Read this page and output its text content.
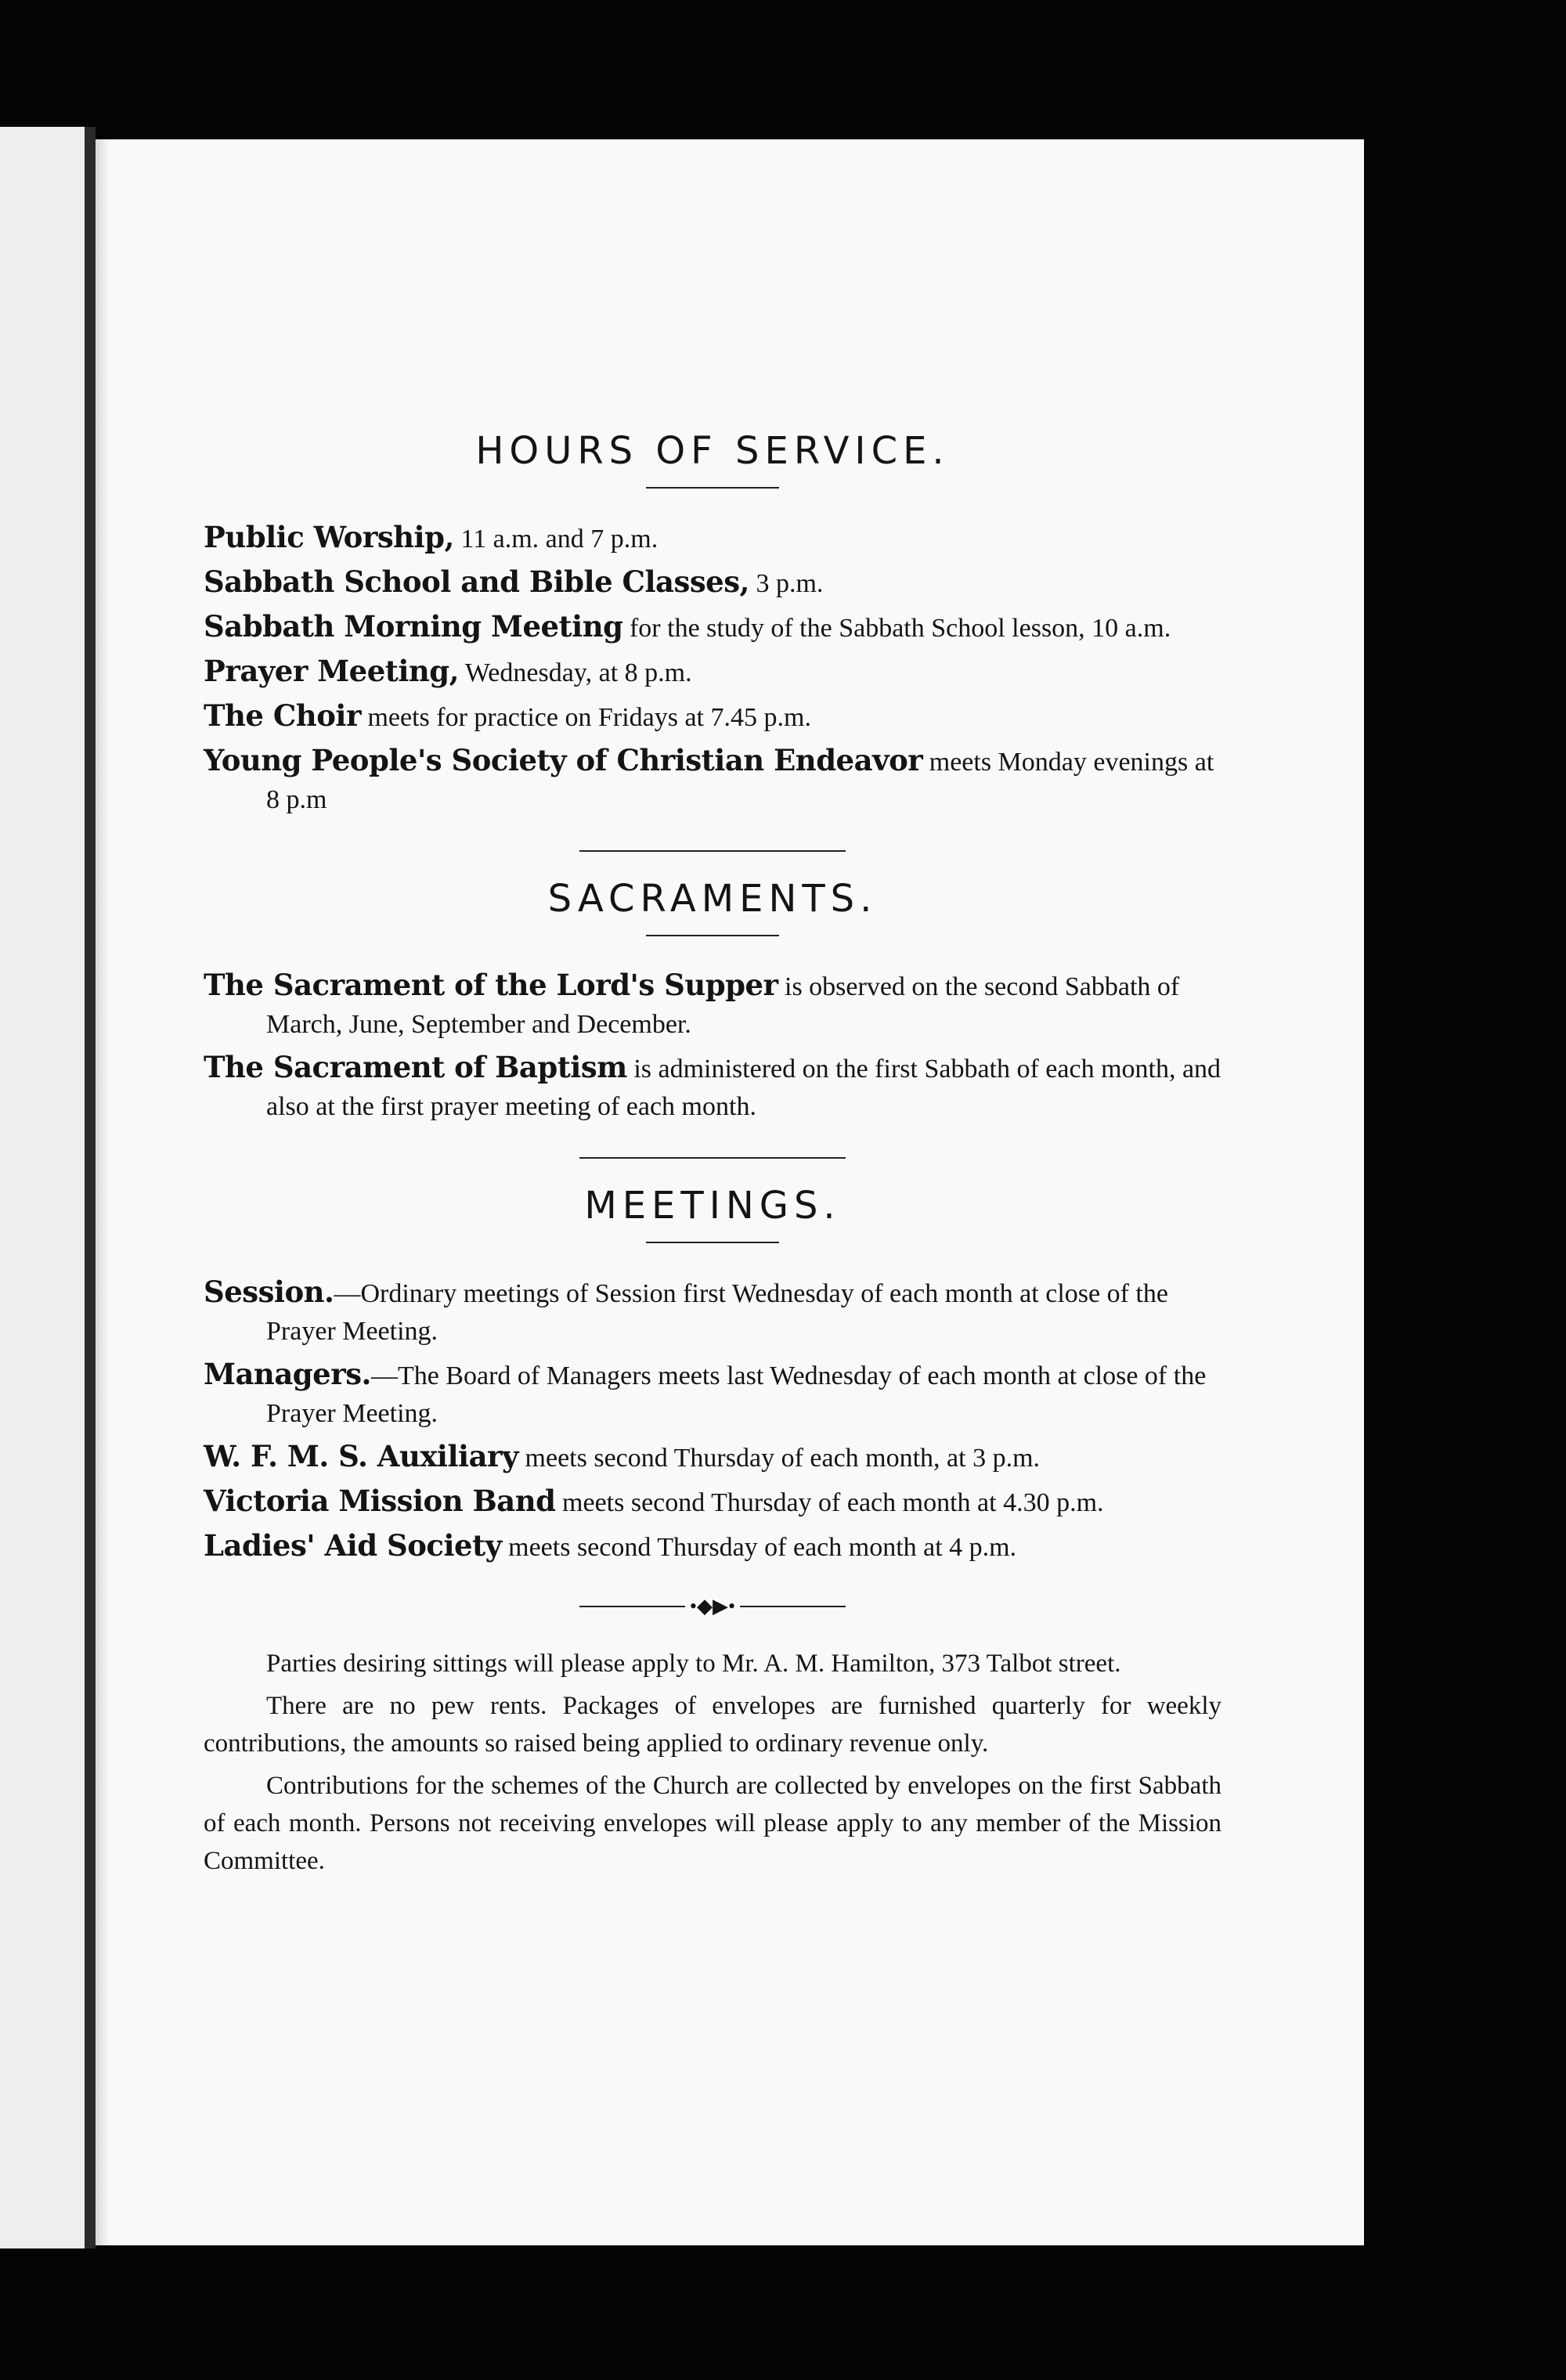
HOURS OF SERVICE.

Public Worship, 11 a.m. and 7 p.m.

Sabbath School and Bible Classes, 3 p.m.

Sabbath Morning Meeting for the study of the Sabbath School lesson, 10 a.m.

Prayer Meeting, Wednesday, at 8 p.m.

The Choir meets for practice on Fridays at 7.45 p.m.

Young People's Society of Christian Endeavor meets Monday evenings at 8 p.m

SACRAMENTS.

The Sacrament of the Lord's Supper is observed on the second Sabbath of March, June, September and December.

The Sacrament of Baptism is administered on the first Sabbath of each month, and also at the first prayer meeting of each month.

MEETINGS.

Session.—Ordinary meetings of Session first Wednesday of each month at close of the Prayer Meeting.

Managers.—The Board of Managers meets last Wednesday of each month at close of the Prayer Meeting.

W. F. M. S. Auxiliary meets second Thursday of each month, at 3 p.m.

Victoria Mission Band meets second Thursday of each month at 4.30 p.m.

Ladies' Aid Society meets second Thursday of each month at 4 p.m.

•◆▶•

Parties desiring sittings will please apply to Mr. A. M. Hamilton, 373 Talbot street.

There are no pew rents. Packages of envelopes are furnished quarterly for weekly contributions, the amounts so raised being applied to ordinary revenue only.

Contributions for the schemes of the Church are collected by envelopes on the first Sabbath of each month. Persons not receiving envelopes will please apply to any member of the Mission Committee.
